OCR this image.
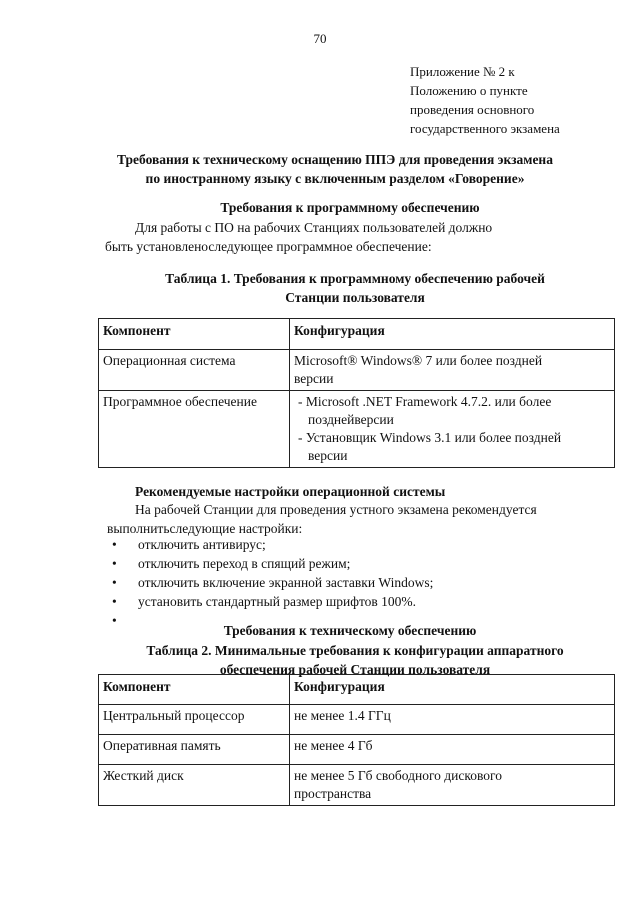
70
Приложение № 2 к
Положению о пункте
проведения основного
государственного экзамена
Требования к техническому оснащению ППЭ для проведения экзамена
по иностранному языку с включенным разделом «Говорение»
Требования к программному обеспечению
Для работы с ПО на рабочих Станциях пользователей должно
быть установленоследующее программное обеспечение:
Таблица 1. Требования к программному обеспечению рабочей
Станции пользователя
Компонент	Конфигурация
Операционная система	Microsoft® Windows® 7 или более поздней
версии

Программное обеспечение	- Microsoft .NET Framework 4.7.2. или более
позднейверсии
- Установщик Windows 3.1 или более поздней
версии
Рекомендуемые настройки операционной системы
На рабочей Станции для проведения устного экзамена рекомендуется
выполнитьследующие настройки:
• отключить антивирус;
• отключить переход в спящий режим;
• отключить включение экранной заставки Windows;
• установить стандартный размер шрифтов 100%.
•
Требования к техническому обеспечению
Таблица 2. Минимальные требования к конфигурации аппаратного
обеспечения рабочей Станции пользователя
Компонент	Конфигурация
Центральный процессор	не менее 1.4 ГГц

Оперативная память	не менее 4 Гб

Жесткий диск	не менее 5 Гб свободного дискового
пространства
